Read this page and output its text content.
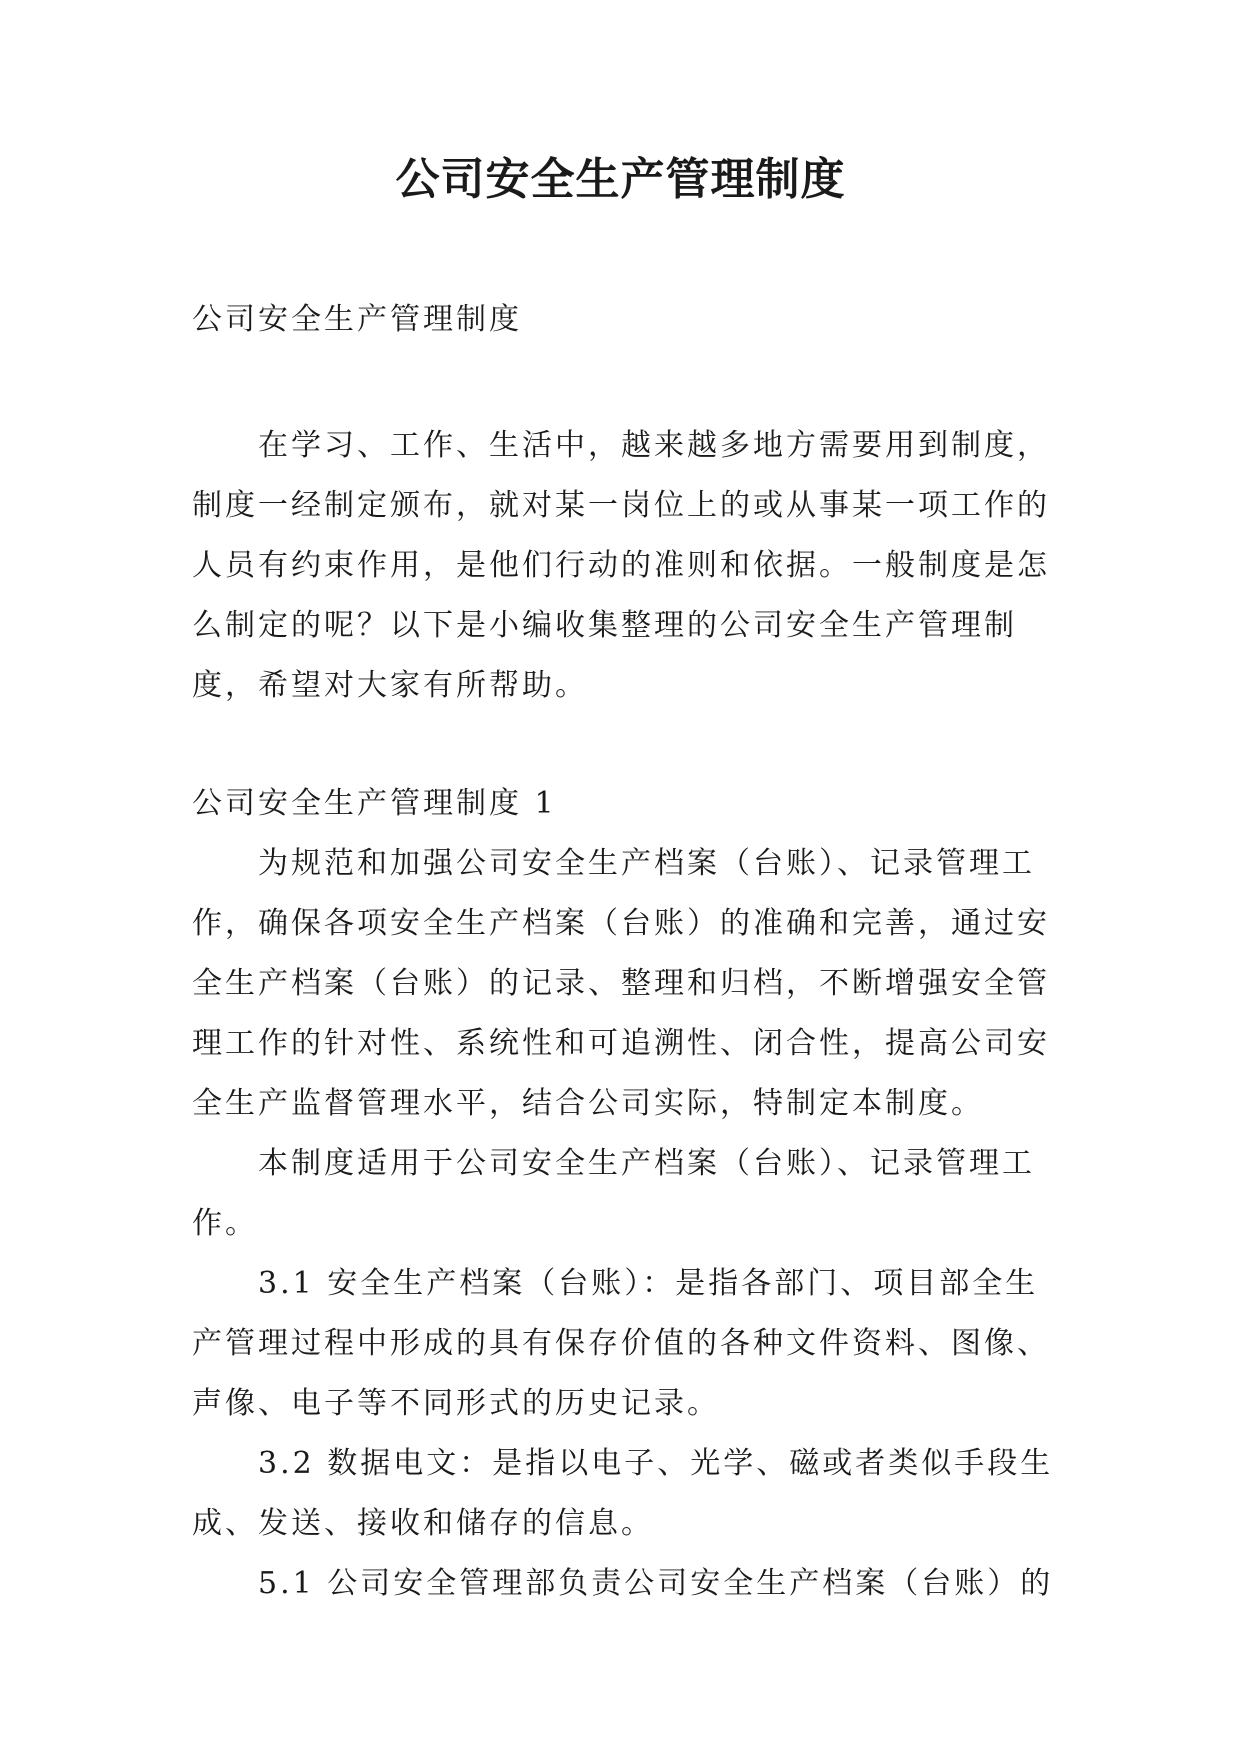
公司安全生产管理制度

公司安全生产管理制度

在学习、工作、生活中，越来越多地方需要用到制度，制度一经制定颁布，就对某一岗位上的或从事某一项工作的人员有约束作用，是他们行动的准则和依据。一般制度是怎么制定的呢？以下是小编收集整理的公司安全生产管理制度，希望对大家有所帮助。

公司安全生产管理制度 1

为规范和加强公司安全生产档案（台账）、记录管理工作，确保各项安全生产档案（台账）的准确和完善，通过安全生产档案（台账）的记录、整理和归档，不断增强安全管理工作的针对性、系统性和可追溯性、闭合性，提高公司安全生产监督管理水平，结合公司实际，特制定本制度。

本制度适用于公司安全生产档案（台账）、记录管理工作。

3.1 安全生产档案（台账）：是指各部门、项目部全生产管理过程中形成的具有保存价值的各种文件资料、图像、声像、电子等不同形式的历史记录。

3.2 数据电文：是指以电子、光学、磁或者类似手段生成、发送、接收和储存的信息。

5.1 公司安全管理部负责公司安全生产档案（台账）的
